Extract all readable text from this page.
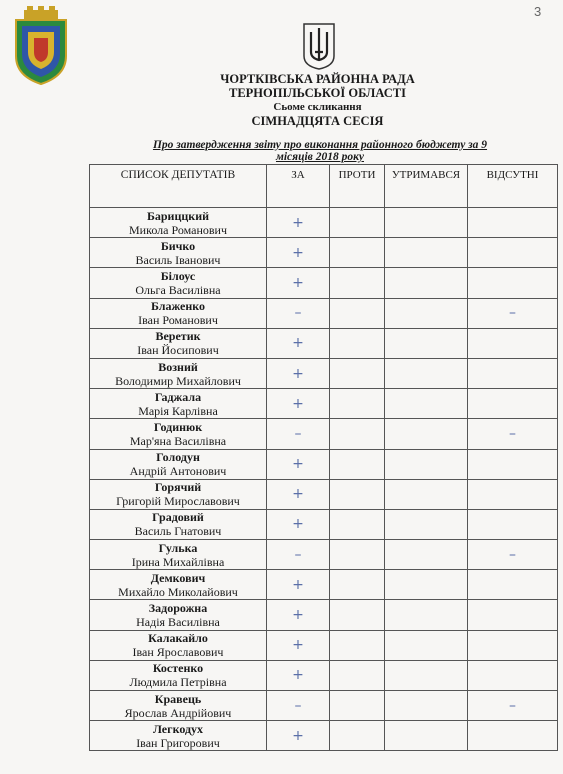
3
ЧОРТКІВСЬКА РАЙОННА РАДА
ТЕРНОПІЛЬСЬКОЇ ОБЛАСТІ
Сьоме скликання
СІМНАДЦЯТА СЕСІЯ
Про затвердження звіту про виконання районного бюджету за 9
місяців 2018 року
СПИСОК ДЕПУТАТІВ	ЗА	ПРОТИ	УТРИМАВСЯ	ВІДСУТНІ

Бариццкий
Микола Романович	+			

Бичко
Василь Іванович	+			

Білоус
Ольга Василівна	+			

Блаженко
Іван Романович	–			–

Веретик
Іван Йосипович	+			

Возний
Володимир Михайлович	+			

Гаджала
Марія Карлівна	+			

Годинюк
Мар'яна Василівна	–			–

Голодун
Андрій Антонович	+			

Горячий
Григорій Мирославович	+			

Градовий
Василь Гнатович	+			

Гулька
Ірина Михайлівна	–			–

Демкович
Михайло Миколайович	+			

Задорожна
Надія Василівна	+			

Калакайло
Іван Ярославович	+			

Костенко
Людмила Петрівна	+			

Кравець
Ярослав Андрійович	–			–

Легкодух
Іван Григорович	+			
